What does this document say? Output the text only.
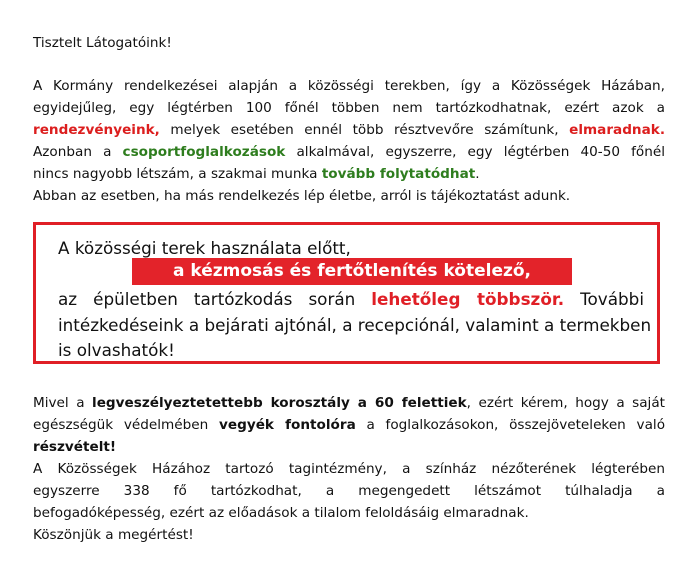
Tisztelt Látogatóink!
A Kormány rendelkezései alapján a közösségi terekben, így a Közösségek Házában,
egyidejűleg, egy légtérben 100 főnél többen nem tartózkodhatnak, ezért azok a
rendezvényeink, melyek esetében ennél több résztvevőre számítunk, elmaradnak.
Azonban a csoportfoglalkozások alkalmával, egyszerre, egy légtérben 40-50 főnél
nincs nagyobb létszám, a szakmai munka tovább folytatódhat.
Abban az esetben, ha más rendelkezés lép életbe, arról is tájékoztatást adunk.
A közösségi terek használata előtt,
a kézmosás és fertőtlenítés kötelező,
az épületben tartózkodás során lehetőleg többször. További
intézkedéseink a bejárati ajtónál, a recepciónál, valamint a termekben
is olvashatók!
Mivel a legveszélyeztetettebb korosztály a 60 felettiek, ezért kérem, hogy a saját
egészségük védelmében vegyék fontolóra a foglalkozásokon, összejöveteleken való
részvételt!
A Közösségek Házához tartozó tagintézmény, a színház nézőterének légterében
egyszerre 338 fő tartózkodhat, a megengedett létszámot túlhaladja a
befogadóképesség, ezért az előadások a tilalom feloldásáig elmaradnak.
Köszönjük a megértést!
